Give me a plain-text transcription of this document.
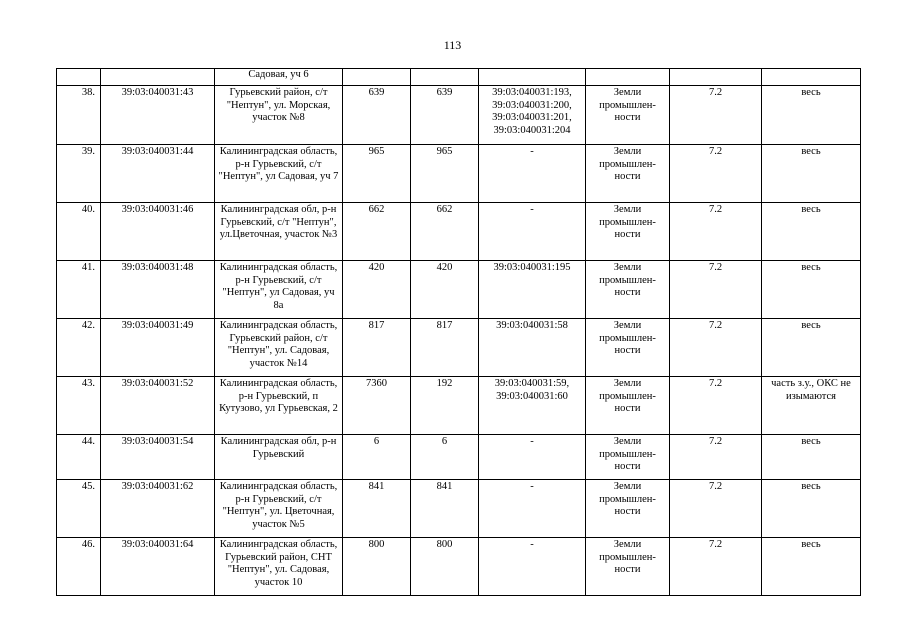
113
		Садовая, уч 6						
38.	39:03:040031:43	Гурьевский район, с/т "Нептун", ул. Морская, участок №8	639	639	39:03:040031:193, 39:03:040031:200, 39:03:040031:201, 39:03:040031:204	Земли промышлен-ности	7.2	весь
39.	39:03:040031:44	Калининградская область, р-н Гурьевский, с/т "Нептун", ул Садовая, уч 7	965	965	-	Земли промышлен-ности	7.2	весь
40.	39:03:040031:46	Калининградская обл, р-н Гурьевский, с/т "Нептун", ул.Цветочная, участок №3	662	662	-	Земли промышлен-ности	7.2	весь
41.	39:03:040031:48	Калининградская область, р-н Гурьевский, с/т "Нептун", ул Садовая, уч 8а	420	420	39:03:040031:195	Земли промышлен-ности	7.2	весь
42.	39:03:040031:49	Калининградская область, Гурьевский район, с/т "Нептун", ул. Садовая, участок №14	817	817	39:03:040031:58	Земли промышлен-ности	7.2	весь
43.	39:03:040031:52	Калининградская область, р-н Гурьевский, п Кутузово, ул Гурьевская, 2	7360	192	39:03:040031:59, 39:03:040031:60	Земли промышлен-ности	7.2	часть з.у., ОКС не изымаются
44.	39:03:040031:54	Калининградская обл, р-н Гурьевский	6	6	-	Земли промышлен-ности	7.2	весь
45.	39:03:040031:62	Калининградская область, р-н Гурьевский, с/т "Нептун", ул. Цветочная, участок №5	841	841	-	Земли промышлен-ности	7.2	весь
46.	39:03:040031:64	Калининградская область, Гурьевский район, СНТ "Нептун", ул. Садовая, участок 10	800	800	-	Земли промышлен-ности	7.2	весь
